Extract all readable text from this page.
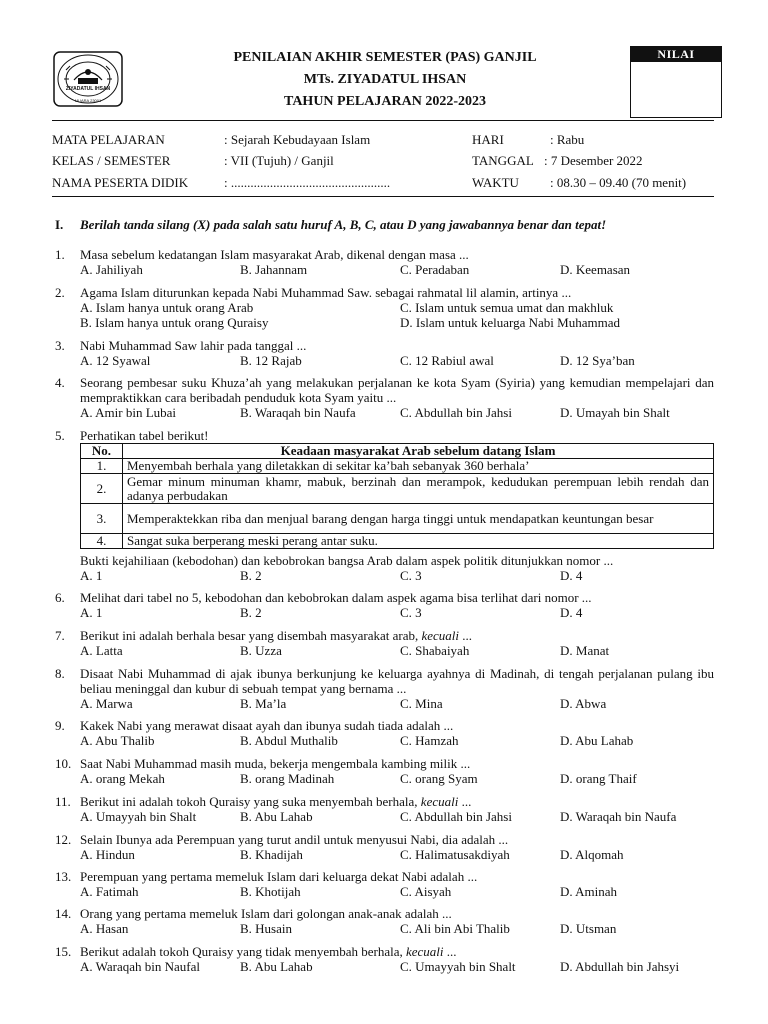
ZIYADATUL IHSAN
MUARA 23001
PENILAIAN AKHIR SEMESTER (PAS) GANJIL
MTs. ZIYADATUL IHSAN
TAHUN PELAJARAN 2022-2023
NILAI
MATA PELAJARAN	: Sejarah Kebudayaan Islam	HARI	: Rabu
KELAS / SEMESTER	: VII (Tujuh) / Ganjil	TANGGAL : 7 Desember 2022
NAMA PESERTA DIDIK	: .................................................	WAKTU : 08.30 – 09.40 (70 menit)
I. Berilah tanda silang (X) pada salah satu huruf A, B, C, atau D yang jawabannya benar dan tepat!
1. Masa sebelum kedatangan Islam masyarakat Arab, dikenal dengan masa ...
A. Jahiliyah	B. Jahannam	C. Peradaban	D. Keemasan
2. Agama Islam diturunkan kepada Nabi Muhammad Saw. sebagai rahmatal lil alamin, artinya ...
A. Islam hanya untuk orang Arab	C. Islam untuk semua umat dan makhluk
B. Islam hanya untuk orang Quraisy	D. Islam untuk keluarga Nabi Muhammad
3. Nabi Muhammad Saw lahir pada tanggal ...
A. 12 Syawal	B. 12 Rajab	C. 12 Rabiul awal	D. 12 Sya’ban
4. Seorang pembesar suku Khuza’ah yang melakukan perjalanan ke kota Syam (Syiria) yang kemudian mempelajari dan mempraktikkan cara beribadah penduduk kota Syam yaitu ...
A. Amir bin Lubai	B. Waraqah bin Naufa	C. Abdullah bin Jahsi	D. Umayah bin Shalt
5. Perhatikan tabel berikut!
No.	Keadaan masyarakat Arab sebelum datang Islam
1.	Menyembah berhala yang diletakkan di sekitar ka’bah sebanyak 360 berhala’
2.	Gemar minum minuman khamr, mabuk, berzinah dan merampok, kedudukan perempuan lebih rendah dan adanya perbudakan
3.	Memperaktekkan riba dan menjual barang dengan harga tinggi untuk mendapatkan keuntungan besar
4.	Sangat suka berperang meski perang antar suku.
Bukti kejahiliaan (kebodohan) dan kebobrokan bangsa Arab dalam aspek politik ditunjukkan nomor ...
A. 1	B. 2	C. 3	D. 4
6. Melihat dari tabel no 5, kebodohan dan kebobrokan dalam aspek agama bisa terlihat dari nomor ...
A. 1	B. 2	C. 3	D. 4
7. Berikut ini adalah berhala besar yang disembah masyarakat arab, kecuali ...
A. Latta	B. Uzza	C. Shabaiyah	D. Manat
8. Disaat Nabi Muhammad di ajak ibunya berkunjung ke keluarga ayahnya di Madinah, di tengah perjalanan pulang ibu beliau meninggal dan kubur di sebuah tempat yang bernama ...
A. Marwa	B. Ma’la	C. Mina	D. Abwa
9. Kakek Nabi yang merawat disaat ayah dan ibunya sudah tiada adalah ...
A. Abu Thalib	B. Abdul Muthalib	C. Hamzah	D. Abu Lahab
10. Saat Nabi Muhammad masih muda, bekerja mengembala kambing milik ...
A. orang Mekah	B. orang Madinah	C. orang Syam	D. orang Thaif
11. Berikut ini adalah tokoh Quraisy yang suka menyembah berhala, kecuali ...
A. Umayyah bin Shalt	B. Abu Lahab	C. Abdullah bin Jahsi	D. Waraqah bin Naufa
12. Selain Ibunya ada Perempuan yang turut andil untuk menyusui Nabi, dia adalah ...
A. Hindun	B. Khadijah	C. Halimatusakdiyah	D. Alqomah
13. Perempuan yang pertama memeluk Islam dari keluarga dekat Nabi adalah ...
A. Fatimah	B. Khotijah	C. Aisyah	D. Aminah
14. Orang yang pertama memeluk Islam dari golongan anak-anak adalah ...
A. Hasan	B. Husain	C. Ali bin Abi Thalib	D. Utsman
15. Berikut adalah tokoh Quraisy yang tidak menyembah berhala, kecuali ...
A. Waraqah bin Naufal	B. Abu Lahab	C. Umayyah bin Shalt	D. Abdullah bin Jahsyi
